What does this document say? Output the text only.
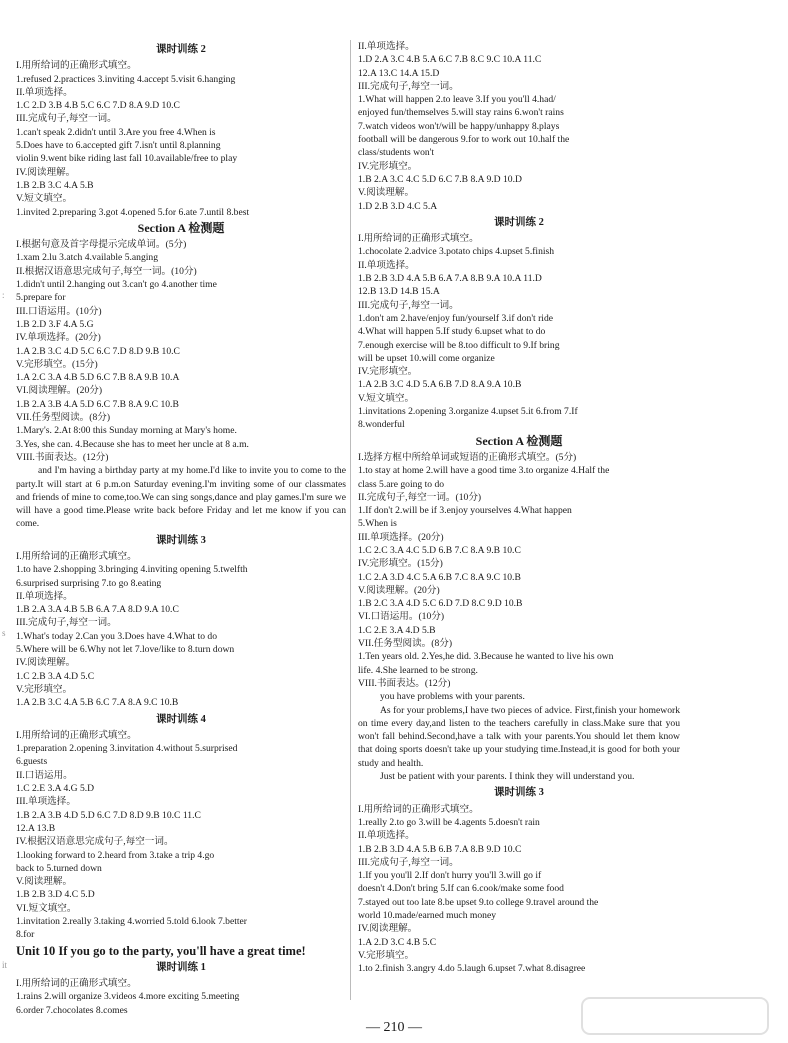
:
s
it
课时训练 2
I.用所给词的正确形式填空。
1.refused 2.practices 3.inviting 4.accept 5.visit 6.hanging
II.单项选择。
1.C 2.D 3.B 4.B 5.C 6.C 7.D 8.A 9.D 10.C
III.完成句子,每空一词。
1.can't speak 2.didn't until 3.Are you free 4.When is
5.Does have to 6.accepted gift 7.isn't until 8.planning
violin 9.went bike riding last fall 10.available/free to play
IV.阅读理解。
1.B 2.B 3.C 4.A 5.B
V.短文填空。
1.invited 2.preparing 3.got 4.opened 5.for 6.ate 7.until 8.best
Section A 检测题
I.根据句意及首字母提示完成单词。(5分)
1.xam 2.lu 3.atch 4.vailable 5.anging
II.根据汉语意思完成句子,每空一词。(10分)
1.didn't until 2.hanging out 3.can't go 4.another time
5.prepare for
III.口语运用。(10分)
1.B 2.D 3.F 4.A 5.G
IV.单项选择。(20分)
1.A 2.B 3.C 4.D 5.C 6.C 7.D 8.D 9.B 10.C
V.完形填空。(15分)
1.A 2.C 3.A 4.B 5.D 6.C 7.B 8.A 9.B 10.A
VI.阅读理解。(20分)
1.B 2.A 3.B 4.A 5.D 6.C 7.B 8.A 9.C 10.B
VII.任务型阅读。(8分)
1.Mary's. 2.At 8:00 this Sunday morning at Mary's home.
3.Yes, she can. 4.Because she has to meet her uncle at 8 a.m.
VIII.书面表达。(12分)
and I'm having a birthday party at my home.I'd like to invite you to come to the party.It will start at 6 p.m.on Saturday evening.I'm inviting some of our classmates and friends of mine to come,too.We can sing songs,dance and play games.I'm sure we will have a good time.Please write back before Friday and let me know if you can come.
课时训练 3
I.用所给词的正确形式填空。
1.to have 2.shopping 3.bringing 4.inviting opening 5.twelfth
6.surprised surprising 7.to go 8.eating
II.单项选择。
1.B 2.A 3.A 4.B 5.B 6.A 7.A 8.D 9.A 10.C
III.完成句子,每空一词。
1.What's today 2.Can you 3.Does have 4.What to do
5.Where will be 6.Why not let 7.love/like to 8.turn down
IV.阅读理解。
1.C 2.B 3.A 4.D 5.C
V.完形填空。
1.A 2.B 3.C 4.A 5.B 6.C 7.A 8.A 9.C 10.B
课时训练 4
I.用所给词的正确形式填空。
1.preparation 2.opening 3.invitation 4.without 5.surprised
6.guests
II.口语运用。
1.C 2.E 3.A 4.G 5.D
III.单项选择。
1.B 2.A 3.B 4.D 5.D 6.C 7.D 8.D 9.B 10.C 11.C
12.A 13.B
IV.根据汉语意思完成句子,每空一词。
1.looking forward to 2.heard from 3.take a trip 4.go
back to 5.turned down
V.阅读理解。
1.B 2.B 3.D 4.C 5.D
VI.短文填空。
1.invitation 2.really 3.taking 4.worried 5.told 6.look 7.better
8.for
Unit 10 If you go to the party, you'll have a great time!
课时训练 1
I.用所给词的正确形式填空。
1.rains 2.will organize 3.videos 4.more exciting 5.meeting
6.order 7.chocolates 8.comes
II.单项选择。
1.D 2.A 3.C 4.B 5.A 6.C 7.B 8.C 9.C 10.A 11.C
12.A 13.C 14.A 15.D
III.完成句子,每空一词。
1.What will happen 2.to leave 3.If you you'll 4.had/
enjoyed fun/themselves 5.will stay rains 6.won't rains
7.watch videos won't/will be happy/unhappy 8.plays
football will be dangerous 9.for to work out 10.half the
class/students won't
IV.完形填空。
1.B 2.A 3.C 4.C 5.D 6.C 7.B 8.A 9.D 10.D
V.阅读理解。
1.D 2.B 3.D 4.C 5.A
课时训练 2
I.用所给词的正确形式填空。
1.chocolate 2.advice 3.potato chips 4.upset 5.finish
II.单项选择。
1.B 2.B 3.D 4.A 5.B 6.A 7.A 8.B 9.A 10.A 11.D
12.B 13.D 14.B 15.A
III.完成句子,每空一词。
1.don't am 2.have/enjoy fun/yourself 3.if don't ride
4.What will happen 5.If study 6.upset what to do
7.enough exercise will be 8.too difficult to 9.If bring
will be upset 10.will come organize
IV.完形填空。
1.A 2.B 3.C 4.D 5.A 6.B 7.D 8.A 9.A 10.B
V.短文填空。
1.invitations 2.opening 3.organize 4.upset 5.it 6.from 7.If
8.wonderful
Section A 检测题
I.选择方框中所给单词或短语的正确形式填空。(5分)
1.to stay at home 2.will have a good time 3.to organize 4.Half the
class 5.are going to do
II.完成句子,每空一词。(10分)
1.If don't 2.will be if 3.enjoy yourselves 4.What happen
5.When is
III.单项选择。(20分)
1.C 2.C 3.A 4.C 5.D 6.B 7.C 8.A 9.B 10.C
IV.完形填空。(15分)
1.C 2.A 3.D 4.C 5.A 6.B 7.C 8.A 9.C 10.B
V.阅读理解。(20分)
1.B 2.C 3.A 4.D 5.C 6.D 7.D 8.C 9.D 10.B
VI.口语运用。(10分)
1.C 2.E 3.A 4.D 5.B
VII.任务型阅读。(8分)
1.Ten years old. 2.Yes,he did. 3.Because he wanted to live his own
life. 4.She learned to be strong.
VIII.书面表达。(12分)
you have problems with your parents.
As for your problems,I have two pieces of advice. First,finish your homework on time every day,and listen to the teachers carefully in class.Make sure that you won't fall behind.Second,have a talk with your parents.You should let them know that doing sports doesn't take up your studying time.Instead,it is good for both your study and health.
Just be patient with your parents. I think they will understand you.
课时训练 3
I.用所给词的正确形式填空。
1.really 2.to go 3.will be 4.agents 5.doesn't rain
II.单项选择。
1.B 2.B 3.D 4.A 5.B 6.B 7.A 8.B 9.D 10.C
III.完成句子,每空一词。
1.If you you'll 2.If don't hurry you'll 3.will go if
doesn't 4.Don't bring 5.If can 6.cook/make some food
7.stayed out too late 8.be upset 9.to college 9.travel around the
world 10.made/earned much money
IV.阅读理解。
1.A 2.D 3.C 4.B 5.C
V.完形填空。
1.to 2.finish 3.angry 4.do 5.laugh 6.upset 7.what 8.disagree
— 210 —
